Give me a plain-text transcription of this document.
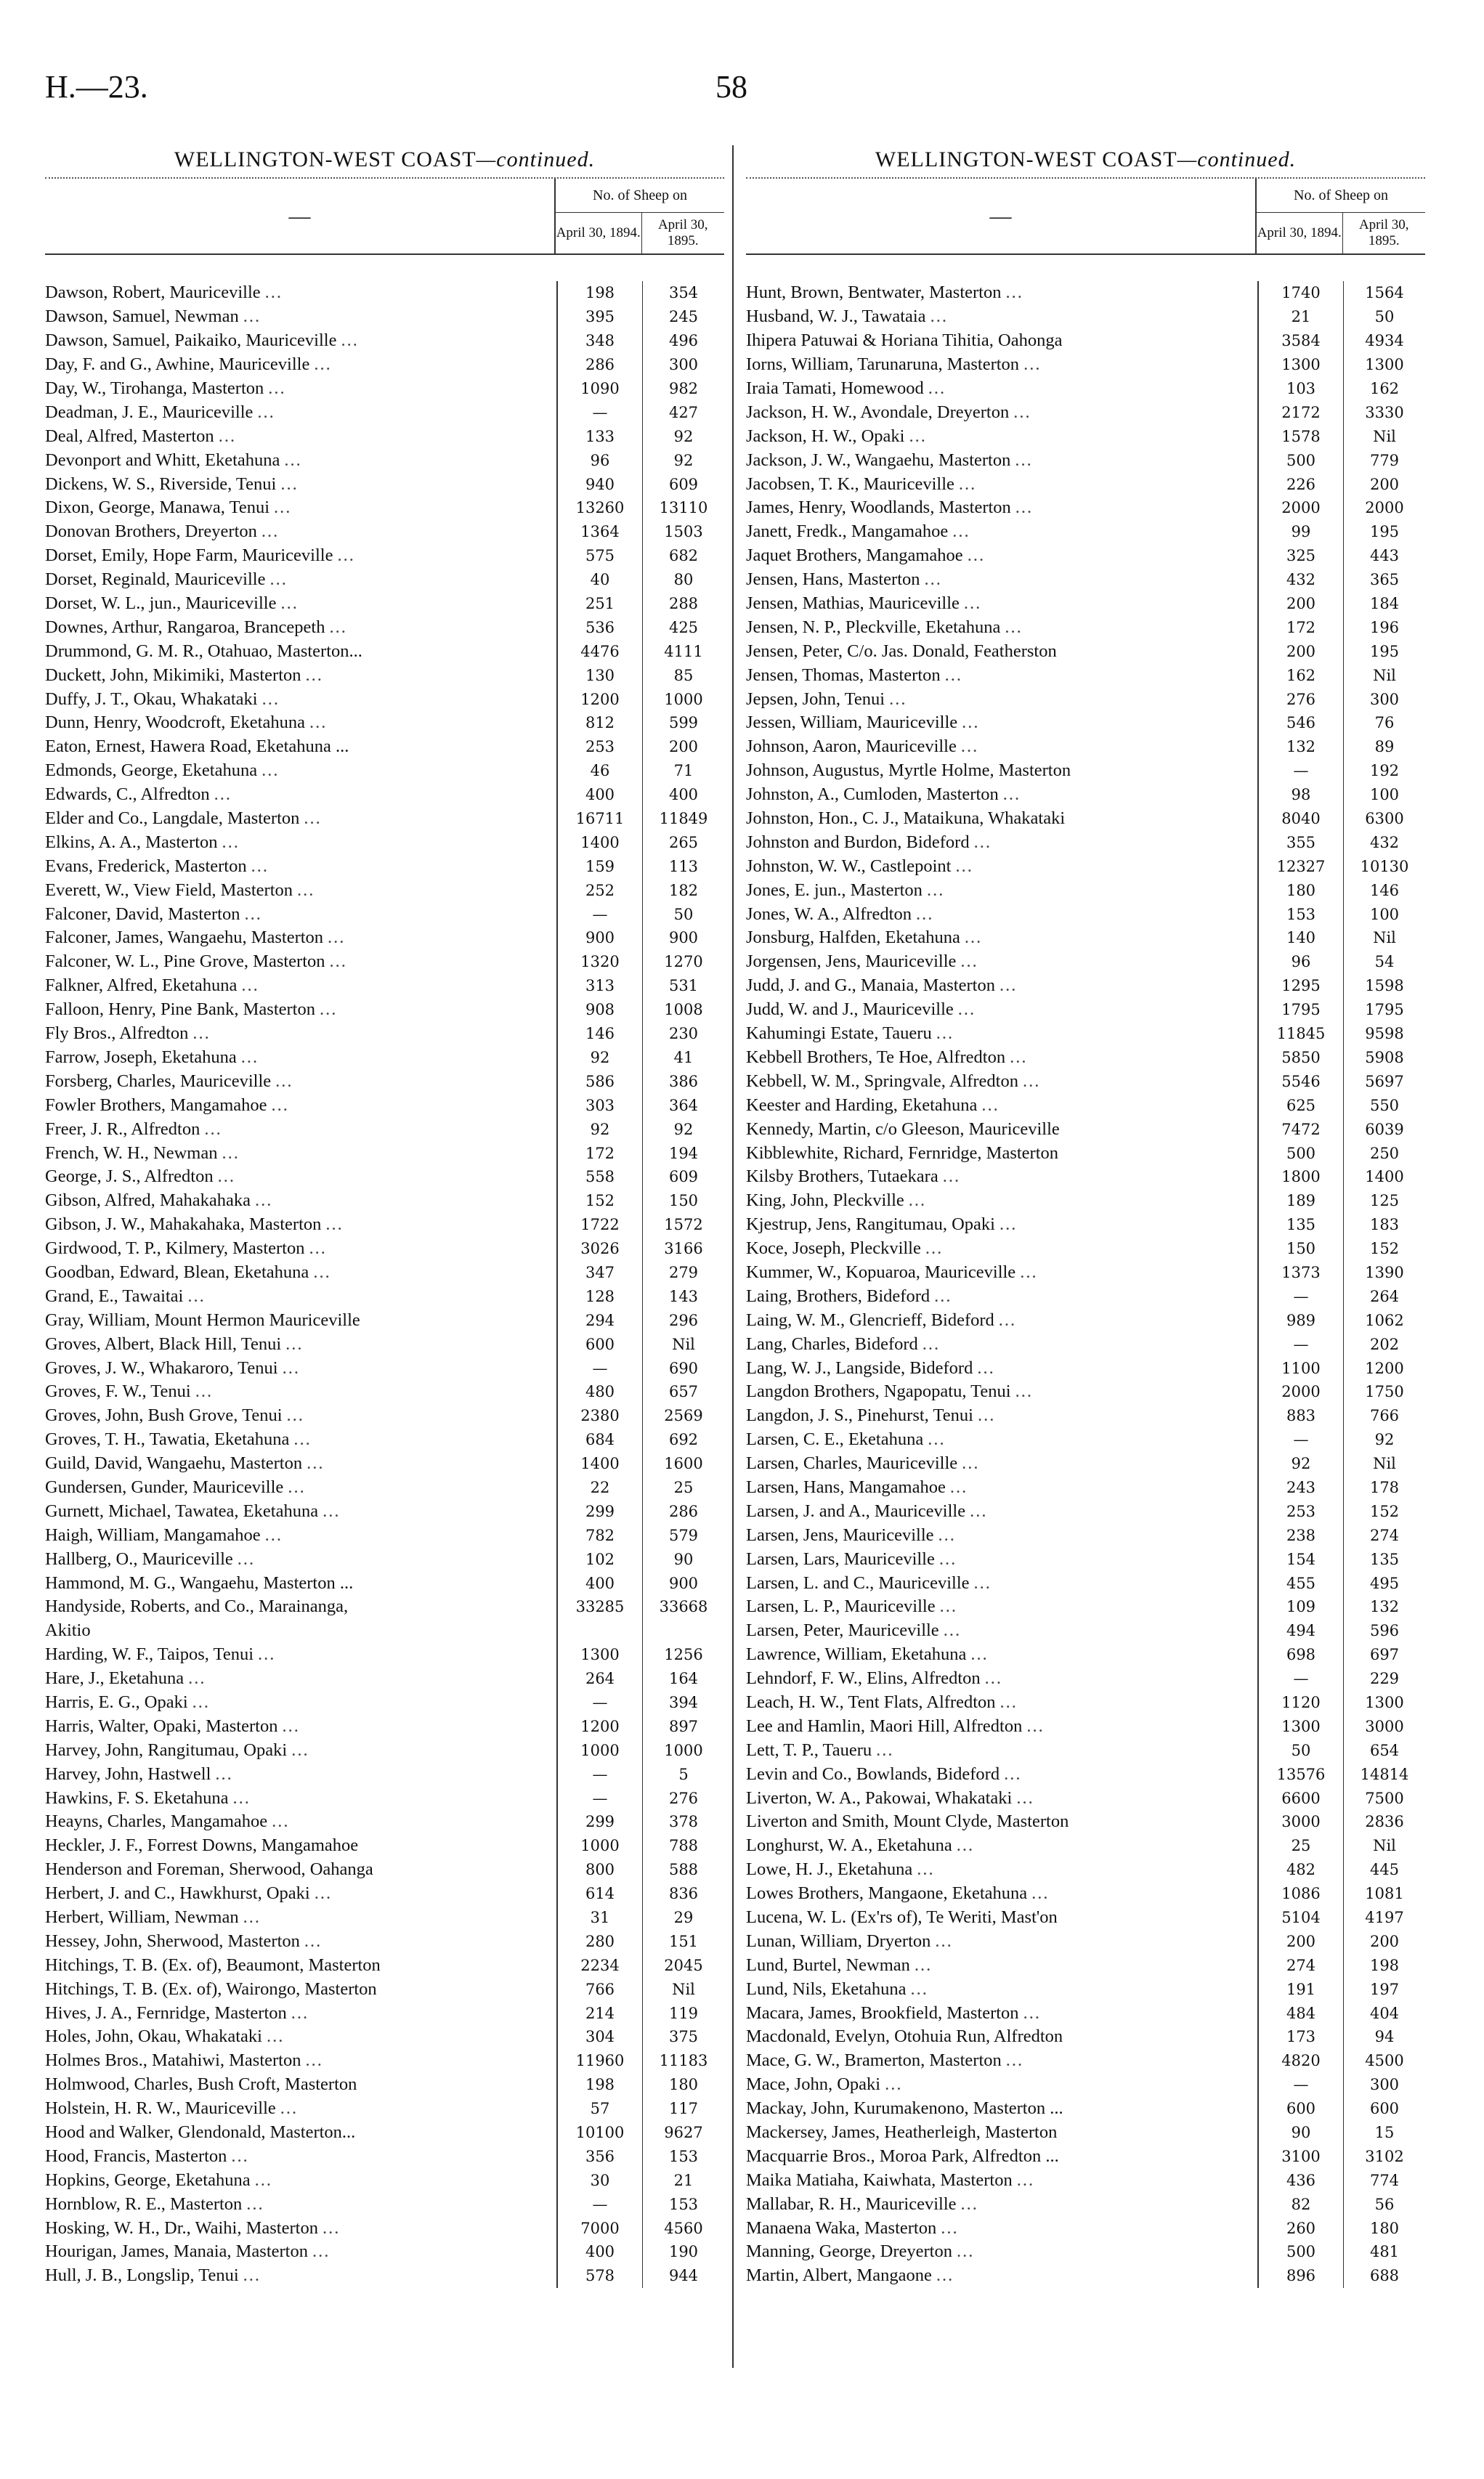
H.—23.	58
WELLINGTON-WEST COAST—continued.
—	No. of Sheep on	
	April 30, 1894.	April 30, 1895.
Dawson, Robert, Mauriceville ...	198	354
Dawson, Samuel, Newman ...	395	245
Dawson, Samuel, Paikaiko, Mauriceville ...	348	496
Day, F. and G., Awhine, Mauriceville ...	286	300
Day, W., Tirohanga, Masterton ...	1090	982
Deadman, J. E., Mauriceville ...	—	427
Deal, Alfred, Masterton ...	133	92
Devonport and Whitt, Eketahuna ...	96	92
Dickens, W. S., Riverside, Tenui ...	940	609
Dixon, George, Manawa, Tenui ...	13260	13110
Donovan Brothers, Dreyerton ...	1364	1503
Dorset, Emily, Hope Farm, Mauriceville ...	575	682
Dorset, Reginald, Mauriceville ...	40	80
Dorset, W. L., jun., Mauriceville ...	251	288
Downes, Arthur, Rangaroa, Brancepeth ...	536	425
Drummond, G. M. R., Otahuao, Masterton...	4476	4111
Duckett, John, Mikimiki, Masterton ...	130	85
Duffy, J. T., Okau, Whakataki ...	1200	1000
Dunn, Henry, Woodcroft, Eketahuna ...	812	599
Eaton, Ernest, Hawera Road, Eketahuna ...	253	200
Edmonds, George, Eketahuna ...	46	71
Edwards, C., Alfredton ...	400	400
Elder and Co., Langdale, Masterton ...	16711	11849
Elkins, A. A., Masterton ...	1400	265
Evans, Frederick, Masterton ...	159	113
Everett, W., View Field, Masterton ...	252	182
Falconer, David, Masterton ...	—	50
Falconer, James, Wangaehu, Masterton ...	900	900
Falconer, W. L., Pine Grove, Masterton ...	1320	1270
Falkner, Alfred, Eketahuna ...	313	531
Falloon, Henry, Pine Bank, Masterton ...	908	1008
Fly Bros., Alfredton ...	146	230
Farrow, Joseph, Eketahuna ...	92	41
Forsberg, Charles, Mauriceville ...	586	386
Fowler Brothers, Mangamahoe ...	303	364
Freer, J. R., Alfredton ...	92	92
French, W. H., Newman ...	172	194
George, J. S., Alfredton ...	558	609
Gibson, Alfred, Mahakahaka ...	152	150
Gibson, J. W., Mahakahaka, Masterton ...	1722	1572
Girdwood, T. P., Kilmery, Masterton ...	3026	3166
Goodban, Edward, Blean, Eketahuna ...	347	279
Grand, E., Tawaitai ...	128	143
Gray, William, Mount Hermon Mauriceville	294	296
Groves, Albert, Black Hill, Tenui ...	600	Nil
Groves, J. W., Whakaroro, Tenui ...	—	690
Groves, F. W., Tenui ...	480	657
Groves, John, Bush Grove, Tenui ...	2380	2569
Groves, T. H., Tawatia, Eketahuna ...	684	692
Guild, David, Wangaehu, Masterton ...	1400	1600
Gundersen, Gunder, Mauriceville ...	22	25
Gurnett, Michael, Tawatea, Eketahuna ...	299	286
Haigh, William, Mangamahoe ...	782	579
Hallberg, O., Mauriceville ...	102	90
Hammond, M. G., Wangaehu, Masterton ...	400	900
Handyside, Roberts, and Co., Marainanga,	33285	33668
Akitio		
Harding, W. F., Taipos, Tenui ...	1300	1256
Hare, J., Eketahuna ...	264	164
Harris, E. G., Opaki ...	—	394
Harris, Walter, Opaki, Masterton ...	1200	897
Harvey, John, Rangitumau, Opaki ...	1000	1000
Harvey, John, Hastwell ...	—	5
Hawkins, F. S. Eketahuna ...	—	276
Heayns, Charles, Mangamahoe ...	299	378
Heckler, J. F., Forrest Downs, Mangamahoe	1000	788
Henderson and Foreman, Sherwood, Oahanga	800	588
Herbert, J. and C., Hawkhurst, Opaki ...	614	836
Herbert, William, Newman ...	31	29
Hessey, John, Sherwood, Masterton ...	280	151
Hitchings, T. B. (Ex. of), Beaumont, Masterton	2234	2045
Hitchings, T. B. (Ex. of), Wairongo, Masterton	766	Nil
Hives, J. A., Fernridge, Masterton ...	214	119
Holes, John, Okau, Whakataki ...	304	375
Holmes Bros., Matahiwi, Masterton ...	11960	11183
Holmwood, Charles, Bush Croft, Masterton	198	180
Holstein, H. R. W., Mauriceville ...	57	117
Hood and Walker, Glendonald, Masterton...	10100	9627
Hood, Francis, Masterton ...	356	153
Hopkins, George, Eketahuna ...	30	21
Hornblow, R. E., Masterton ...	—	153
Hosking, W. H., Dr., Waihi, Masterton ...	7000	4560
Hourigan, James, Manaia, Masterton ...	400	190
Hull, J. B., Longslip, Tenui ...	578	944
WELLINGTON-WEST COAST—continued.
—	No. of Sheep on	
	April 30, 1894.	April 30, 1895.
Hunt, Brown, Bentwater, Masterton ...	1740	1564
Husband, W. J., Tawataia ...	21	50
Ihipera Patuwai & Horiana Tihitia, Oahonga	3584	4934
Iorns, William, Tarunaruna, Masterton ...	1300	1300
Iraia Tamati, Homewood ...	103	162
Jackson, H. W., Avondale, Dreyerton ...	2172	3330
Jackson, H. W., Opaki ...	1578	Nil
Jackson, J. W., Wangaehu, Masterton ...	500	779
Jacobsen, T. K., Mauriceville ...	226	200
James, Henry, Woodlands, Masterton ...	2000	2000
Janett, Fredk., Mangamahoe ...	99	195
Jaquet Brothers, Mangamahoe ...	325	443
Jensen, Hans, Masterton ...	432	365
Jensen, Mathias, Mauriceville ...	200	184
Jensen, N. P., Pleckville, Eketahuna ...	172	196
Jensen, Peter, C/o. Jas. Donald, Featherston	200	195
Jensen, Thomas, Masterton ...	162	Nil
Jepsen, John, Tenui ...	276	300
Jessen, William, Mauriceville ...	546	76
Johnson, Aaron, Mauriceville ...	132	89
Johnson, Augustus, Myrtle Holme, Masterton	—	192
Johnston, A., Cumloden, Masterton ...	98	100
Johnston, Hon., C. J., Mataikuna, Whakataki	8040	6300
Johnston and Burdon, Bideford ...	355	432
Johnston, W. W., Castlepoint ...	12327	10130
Jones, E. jun., Masterton ...	180	146
Jones, W. A., Alfredton ...	153	100
Jonsburg, Halfden, Eketahuna ...	140	Nil
Jorgensen, Jens, Mauriceville ...	96	54
Judd, J. and G., Manaia, Masterton ...	1295	1598
Judd, W. and J., Mauriceville ...	1795	1795
Kahumingi Estate, Taueru ...	11845	9598
Kebbell Brothers, Te Hoe, Alfredton ...	5850	5908
Kebbell, W. M., Springvale, Alfredton ...	5546	5697
Keester and Harding, Eketahuna ...	625	550
Kennedy, Martin, c/o Gleeson, Mauriceville	7472	6039
Kibblewhite, Richard, Fernridge, Masterton	500	250
Kilsby Brothers, Tutaekara ...	1800	1400
King, John, Pleckville ...	189	125
Kjestrup, Jens, Rangitumau, Opaki ...	135	183
Koce, Joseph, Pleckville ...	150	152
Kummer, W., Kopuaroa, Mauriceville ...	1373	1390
Laing, Brothers, Bideford ...	—	264
Laing, W. M., Glencrieff, Bideford ...	989	1062
Lang, Charles, Bideford ...	—	202
Lang, W. J., Langside, Bideford ...	1100	1200
Langdon Brothers, Ngapopatu, Tenui ...	2000	1750
Langdon, J. S., Pinehurst, Tenui ...	883	766
Larsen, C. E., Eketahuna ...	—	92
Larsen, Charles, Mauriceville ...	92	Nil
Larsen, Hans, Mangamahoe ...	243	178
Larsen, J. and A., Mauriceville ...	253	152
Larsen, Jens, Mauriceville ...	238	274
Larsen, Lars, Mauriceville ...	154	135
Larsen, L. and C., Mauriceville ...	455	495
Larsen, L. P., Mauriceville ...	109	132
Larsen, Peter, Mauriceville ...	494	596
Lawrence, William, Eketahuna ...	698	697
Lehndorf, F. W., Elins, Alfredton ...	—	229
Leach, H. W., Tent Flats, Alfredton ...	1120	1300
Lee and Hamlin, Maori Hill, Alfredton ...	1300	3000
Lett, T. P., Taueru ...	50	654
Levin and Co., Bowlands, Bideford ...	13576	14814
Liverton, W. A., Pakowai, Whakataki ...	6600	7500
Liverton and Smith, Mount Clyde, Masterton	3000	2836
Longhurst, W. A., Eketahuna ...	25	Nil
Lowe, H. J., Eketahuna ...	482	445
Lowes Brothers, Mangaone, Eketahuna ...	1086	1081
Lucena, W. L. (Ex'rs of), Te Weriti, Mast'on	5104	4197
Lunan, William, Dryerton ...	200	200
Lund, Burtel, Newman ...	274	198
Lund, Nils, Eketahuna ...	191	197
Macara, James, Brookfield, Masterton ...	484	404
Macdonald, Evelyn, Otohuia Run, Alfredton	173	94
Mace, G. W., Bramerton, Masterton ...	4820	4500
Mace, John, Opaki ...	—	300
Mackay, John, Kurumakenono, Masterton ...	600	600
Mackersey, James, Heatherleigh, Masterton	90	15
Macquarrie Bros., Moroa Park, Alfredton ...	3100	3102
Maika Matiaha, Kaiwhata, Masterton ...	436	774
Mallabar, R. H., Mauriceville ...	82	56
Manaena Waka, Masterton ...	260	180
Manning, George, Dreyerton ...	500	481
Martin, Albert, Mangaone ...	896	688
